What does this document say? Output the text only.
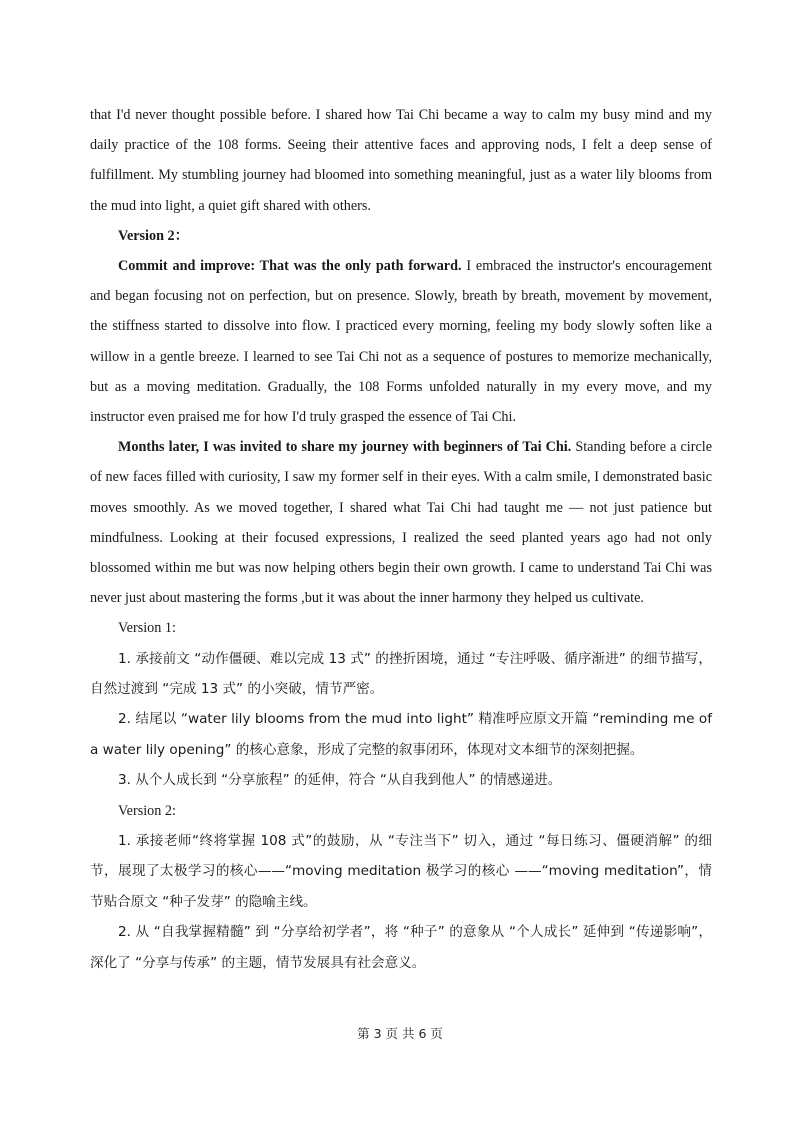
that I'd never thought possible before. I shared how Tai Chi became a way to calm my busy mind and my daily practice of the 108 forms. Seeing their attentive faces and approving nods, I felt a deep sense of fulfillment. My stumbling journey had bloomed into something meaningful, just as a water lily blooms from the mud into light, a quiet gift shared with others.

Version 2：

Commit and improve: That was the only path forward. I embraced the instructor's encouragement and began focusing not on perfection, but on presence. Slowly, breath by breath, movement by movement, the stiffness started to dissolve into flow. I practiced every morning, feeling my body slowly soften like a willow in a gentle breeze. I learned to see Tai Chi not as a sequence of postures to memorize mechanically, but as a moving meditation. Gradually, the 108 Forms unfolded naturally in my every move, and my instructor even praised me for how I'd truly grasped the essence of Tai Chi.

Months later, I was invited to share my journey with beginners of Tai Chi. Standing before a circle of new faces filled with curiosity, I saw my former self in their eyes. With a calm smile, I demonstrated basic moves smoothly. As we moved together, I shared what Tai Chi had taught me — not just patience but mindfulness. Looking at their focused expressions, I realized the seed planted years ago had not only blossomed within me but was now helping others begin their own growth. I came to understand Tai Chi was never just about mastering the forms ,but it was about the inner harmony they helped us cultivate.

Version 1:

1. 承接前文 “动作僵硬、难以完成 13 式” 的挫折困境，通过 “专注呼吸、循序渐进” 的细节描写，自然过渡到 “完成 13 式” 的小突破，情节严密。

2. 结尾以 “water lily blooms from the mud into light” 精准呼应原文开篇 “reminding me of a water lily opening” 的核心意象，形成了完整的叙事闭环，体现对文本细节的深刻把握。

3. 从个人成长到 “分享旅程” 的延伸，符合 “从自我到他人” 的情感递进。

Version 2:

1. 承接老师“终将掌握 108 式”的鼓励，从 “专注当下” 切入，通过 “每日练习、僵硬消解” 的细节，展现了太极学习的核心——“moving meditation 极学习的核心 ——“moving meditation”，情节贴合原文 “种子发芽” 的隐喻主线。

2. 从 “自我掌握精髓” 到 “分享给初学者”，将 “种子” 的意象从 “个人成长” 延伸到 “传递影响”，深化了 “分享与传承” 的主题，情节发展具有社会意义。

第 3 页 共 6 页
